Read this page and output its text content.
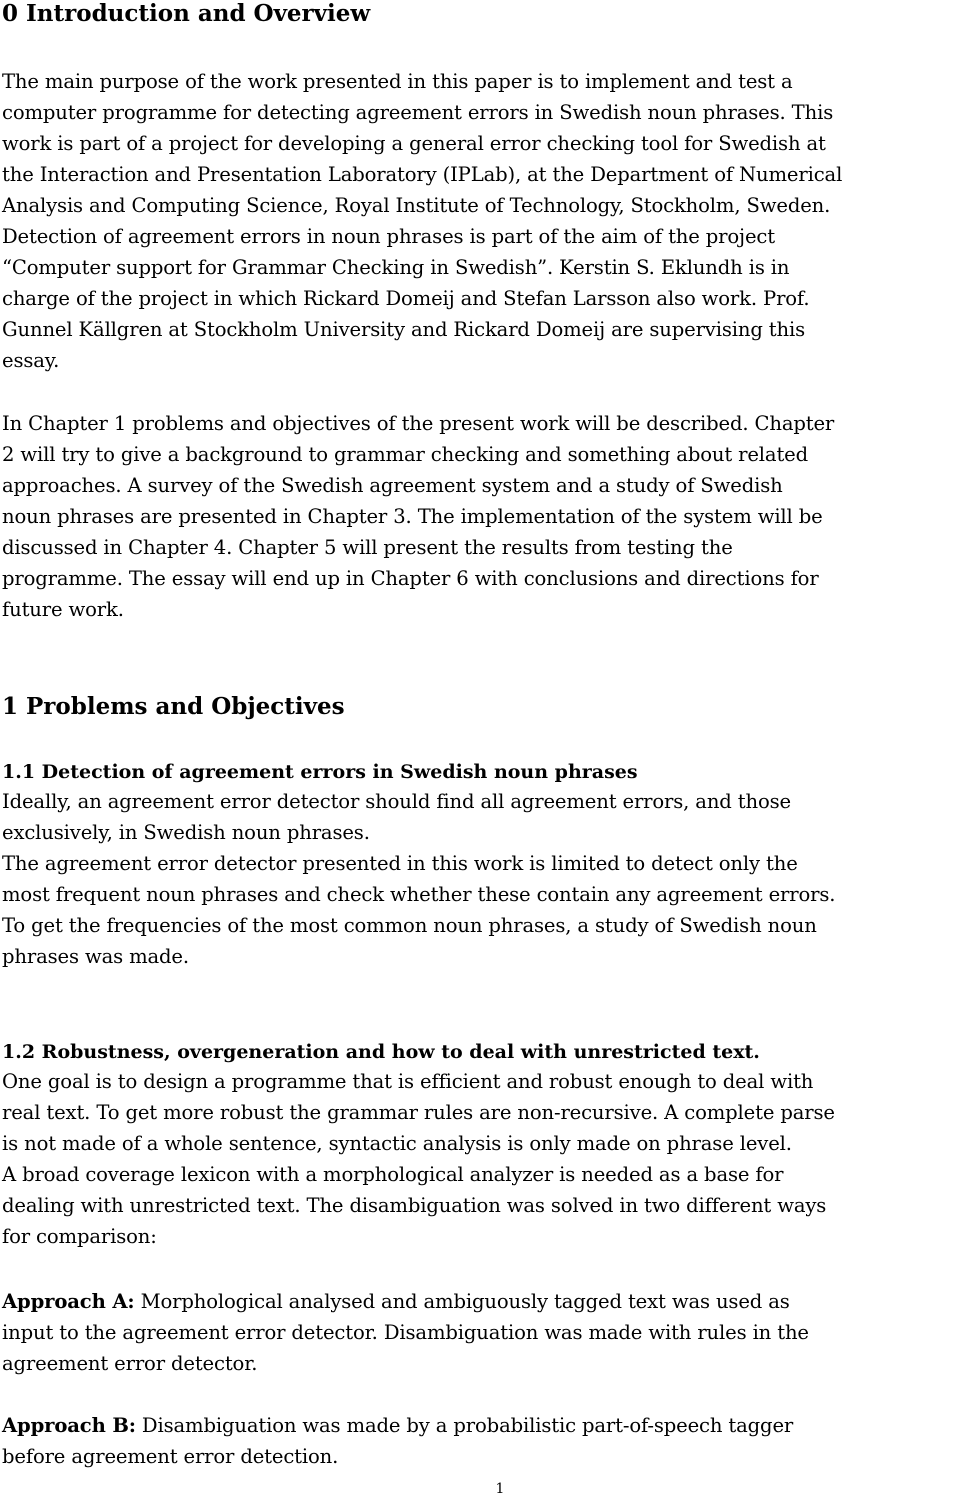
0 Introduction and Overview
The main purpose of the work presented in this paper is to implement and test a
computer programme for detecting agreement errors in Swedish noun phrases. This
work is part of a project for developing a general error checking tool for Swedish at
the Interaction and Presentation Laboratory (IPLab), at the Department of Numerical
Analysis and Computing Science, Royal Institute of Technology, Stockholm, Sweden.
Detection of agreement errors in noun phrases is part of the aim of the project
“Computer support for Grammar Checking in Swedish”. Kerstin S. Eklundh is in
charge of the project in which Rickard Domeij and Stefan Larsson also work. Prof.
Gunnel Källgren at Stockholm University and Rickard Domeij are supervising this
essay.
In Chapter 1 problems and objectives of the present work will be described. Chapter
2 will try to give a background to grammar checking and something about related
approaches. A survey of the Swedish agreement system and a study of Swedish
noun phrases are presented in Chapter 3. The implementation of the system will be
discussed in Chapter 4. Chapter 5 will present the results from testing the
programme. The essay will end up in Chapter 6 with conclusions and directions for
future work.
1 Problems and Objectives
1.1 Detection of agreement errors in Swedish noun phrases
Ideally, an agreement error detector should find all agreement errors, and those
exclusively, in Swedish noun phrases.
The agreement error detector presented in this work is limited to detect only the
most frequent noun phrases and check whether these contain any agreement errors.
To get the frequencies of the most common noun phrases, a study of Swedish noun
phrases was made.
1.2 Robustness, overgeneration and how to deal with unrestricted text.
One goal is to design a programme that is efficient and robust enough to deal with
real text. To get more robust the grammar rules are non-recursive. A complete parse
is not made of a whole sentence, syntactic analysis is only made on phrase level.
A broad coverage lexicon with a morphological analyzer is needed as a base for
dealing with unrestricted text. The disambiguation was solved in two different ways
for comparison:
Approach A: Morphological analysed and ambiguously tagged text was used as
input to the agreement error detector. Disambiguation was made with rules in the
agreement error detector.
Approach B: Disambiguation was made by a probabilistic part-of-speech tagger
before agreement error detection.
1
